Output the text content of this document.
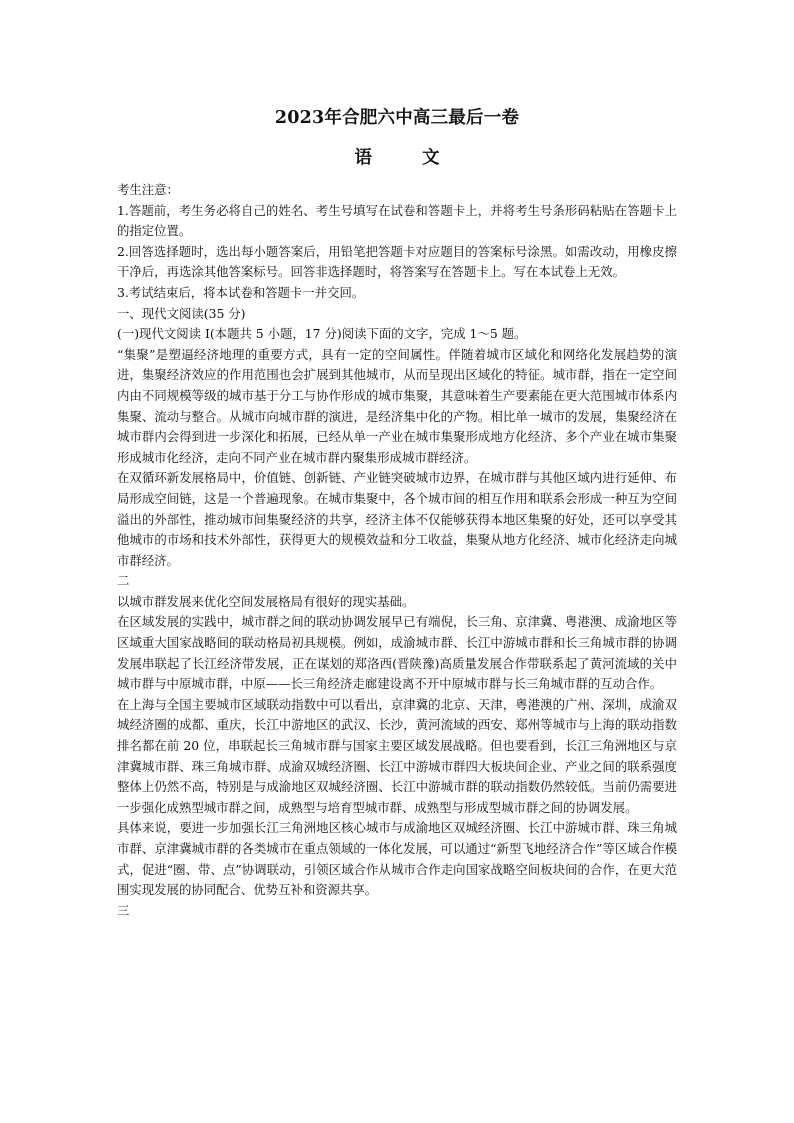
2023年合肥六中高三最后一卷
语 文

考生注意：

1.答题前，考生务必将自己的姓名、考生号填写在试卷和答题卡上，并将考生号条形码粘贴在答题卡上的指定位置。

2.回答选择题时，选出每小题答案后，用铅笔把答题卡对应题目的答案标号涂黑。如需改动，用橡皮擦干净后，再选涂其他答案标号。回答非选择题时，将答案写在答题卡上。写在本试卷上无效。

3.考试结束后，将本试卷和答题卡一并交回。

一、现代文阅读(35 分)

(一)现代文阅读 I(本题共 5 小题，17 分)阅读下面的文字，完成 1～5 题。

“集聚”是塑逼经济地理的重要方式，具有一定的空间属性。伴随着城市区域化和网络化发展趋势的演进，集聚经济效应的作用范围也会扩展到其他城市，从而呈现出区域化的特征。城市群，指在一定空间内由不同规模等级的城市基于分工与协作形成的城市集聚，其意味着生产要素能在更大范围城市体系内集聚、流动与整合。从城市向城市群的演进，是经济集中化的产物。相比单一城市的发展，集聚经济在城市群内会得到进一步深化和拓展，已经从单一产业在城市集聚形成地方化经济、多个产业在城市集聚形成城市化经济，走向不同产业在城市群内聚集形成城市群经济。

在双循环新发展格局中，价值链、创新链、产业链突破城市边界，在城市群与其他区域内进行延伸、布局形成空间链，这是一个普遍现象。在城市集聚中，各个城市间的相互作用和联系会形成一种互为空间溢出的外部性，推动城市间集聚经济的共享，经济主体不仅能够获得本地区集聚的好处，还可以享受其他城市的市场和技术外部性，获得更大的规模效益和分工收益，集聚从地方化经济、城市化经济走向城市群经济。

二

以城市群发展来优化空间发展格局有很好的现实基础。

在区域发展的实践中，城市群之间的联动协调发展早已有端倪，长三角、京津冀、粤港澳、成渝地区等区域重大国家战略间的联动格局初具规模。例如，成渝城市群、长江中游城市群和长三角城市群的协调发展串联起了长江经济带发展，正在谋划的郑洛西(晋陕豫)高质量发展合作带联系起了黄河流域的关中城市群与中原城市群，中原——长三角经济走廊建设离不开中原城市群与长三角城市群的互动合作。

在上海与全国主要城市区域联动指数中可以看出，京津冀的北京、天津，粤港澳的广州、深圳，成渝双城经济圈的成都、重庆，长江中游地区的武汉、长沙，黄河流域的西安、郑州等城市与上海的联动指数排名都在前 20 位，串联起长三角城市群与国家主要区域发展战略。但也要看到，长江三角洲地区与京津冀城市群、珠三角城市群、成渝双城经济圈、长江中游城市群四大板块间企业、产业之间的联系强度整体上仍然不高，特别是与成渝地区双城经济圈、长江中游城市群的联动指数仍然较低。当前仍需要进一步强化成熟型城市群之间，成熟型与培育型城市群、成熟型与形成型城市群之间的协调发展。

具体来说，要进一步加强长江三角洲地区核心城市与成渝地区双城经济圈、长江中游城市群、珠三角城市群、京津冀城市群的各类城市在重点领域的一体化发展，可以通过“新型飞地经济合作”等区域合作模式，促进“圈、带、点”协调联动，引领区域合作从城市合作走向国家战略空间板块间的合作，在更大范围实现发展的协同配合、优势互补和资源共享。

三
